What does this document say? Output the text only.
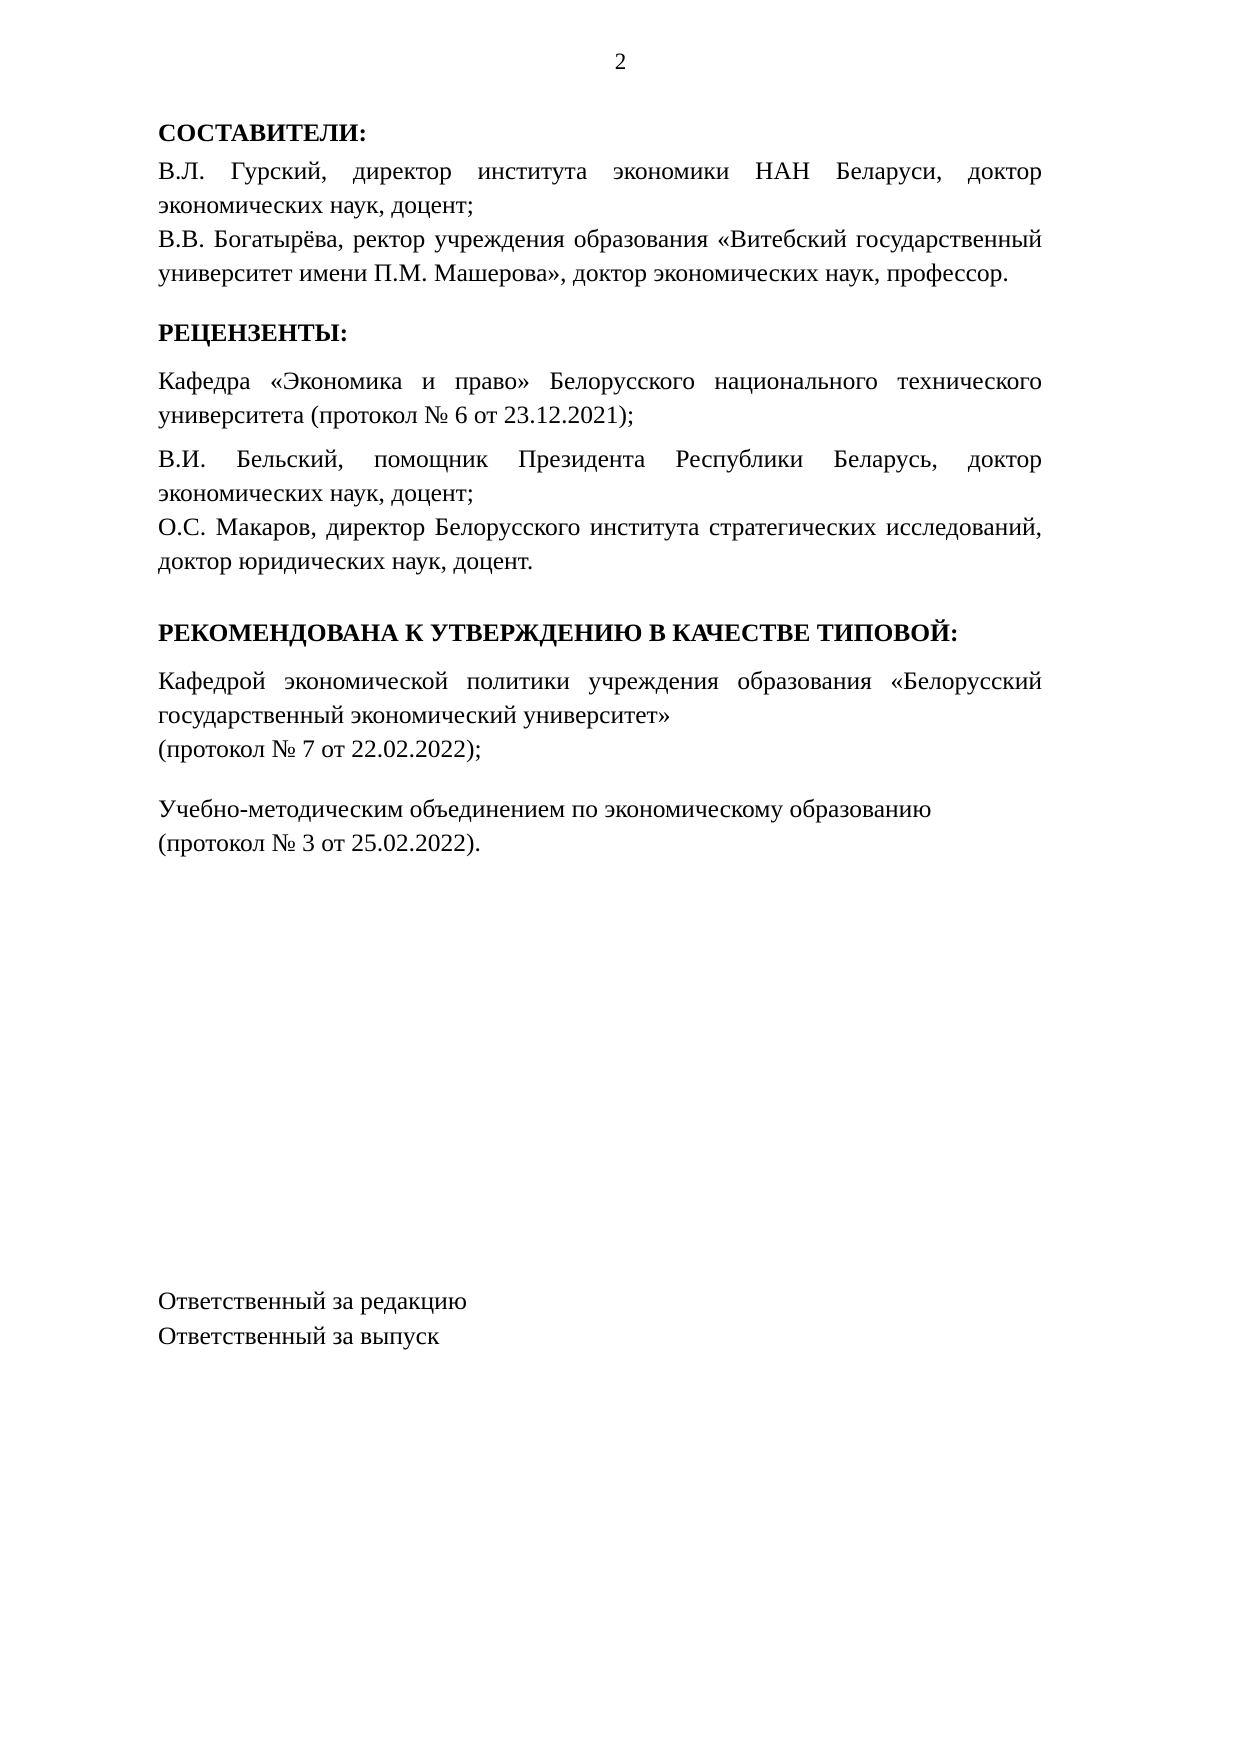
2

СОСТАВИТЕЛИ:

В.Л. Гурский, директор института экономики НАН Беларуси, доктор экономических наук, доцент;

В.В. Богатырёва, ректор учреждения образования «Витебский государственный университет имени П.М. Машерова», доктор экономических наук, профессор.

РЕЦЕНЗЕНТЫ:

Кафедра «Экономика и право» Белорусского национального технического университета (протокол № 6 от 23.12.2021);

В.И. Бельский, помощник Президента Республики Беларусь, доктор экономических наук, доцент;

О.С. Макаров, директор Белорусского института стратегических исследований, доктор юридических наук, доцент.

РЕКОМЕНДОВАНА К УТВЕРЖДЕНИЮ В КАЧЕСТВЕ ТИПОВОЙ:

Кафедрой экономической политики учреждения образования «Белорусский государственный экономический университет»

(протокол № 7 от 22.02.2022);

Учебно-методическим объединением по экономическому образованию

(протокол № 3 от 25.02.2022).

Ответственный за редакцию

Ответственный за выпуск
